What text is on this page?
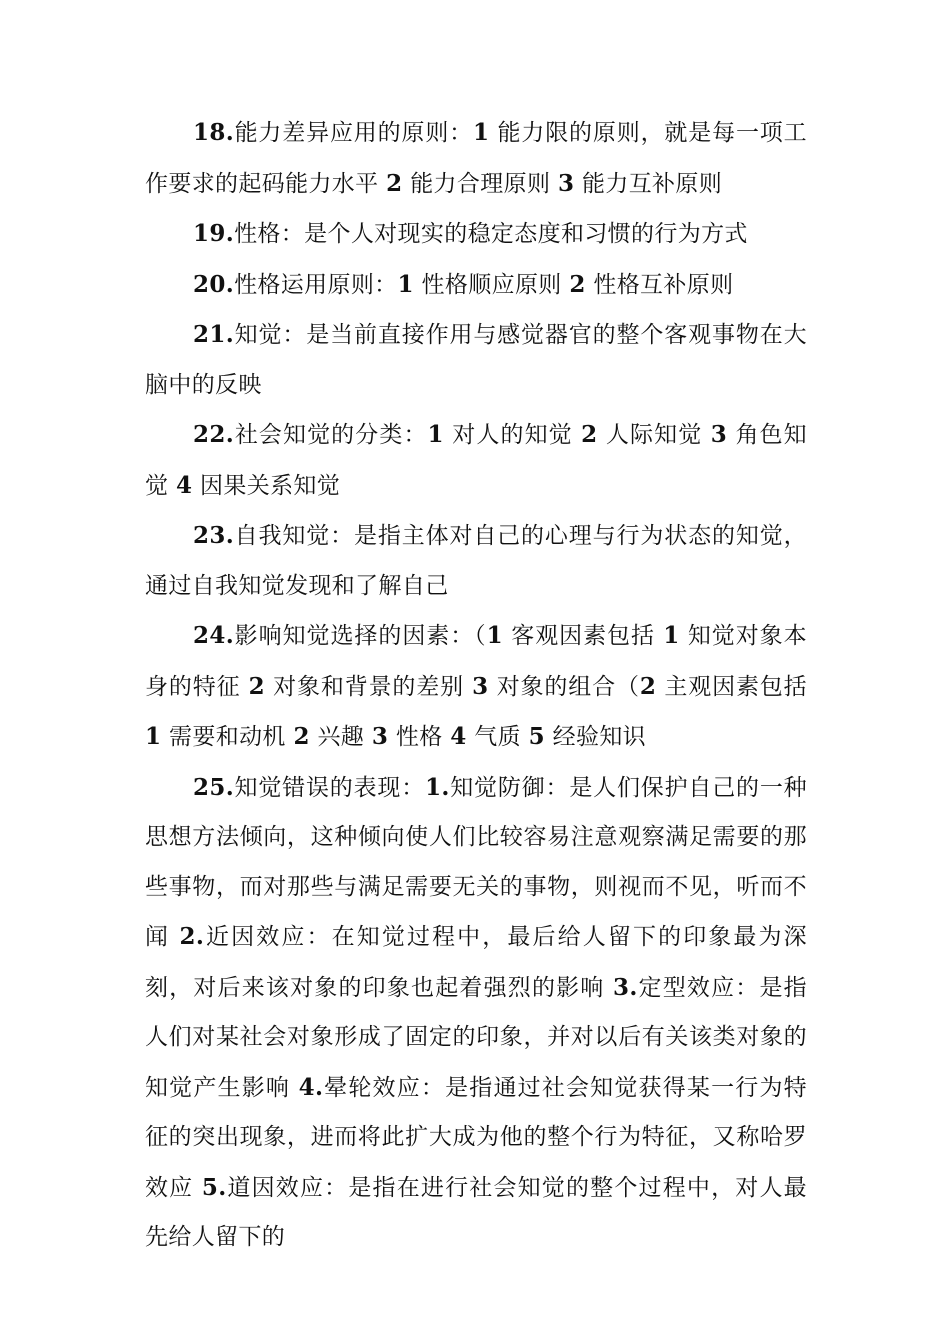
18.能力差异应用的原则：1 能力限的原则，就是每一项工作要求的起码能力水平 2 能力合理原则 3 能力互补原则

19.性格：是个人对现实的稳定态度和习惯的行为方式

20.性格运用原则：1 性格顺应原则 2 性格互补原则

21.知觉：是当前直接作用与感觉器官的整个客观事物在大脑中的反映

22.社会知觉的分类：1 对人的知觉 2 人际知觉 3 角色知觉 4 因果关系知觉

23.自我知觉：是指主体对自己的心理与行为状态的知觉，通过自我知觉发现和了解自己

24.影响知觉选择的因素：（1 客观因素包括 1 知觉对象本身的特征 2 对象和背景的差别 3 对象的组合（2 主观因素包括 1 需要和动机 2 兴趣 3 性格 4 气质 5 经验知识

25.知觉错误的表现：1.知觉防御：是人们保护自己的一种思想方法倾向，这种倾向使人们比较容易注意观察满足需要的那些事物，而对那些与满足需要无关的事物，则视而不见，听而不闻 2.近因效应：在知觉过程中，最后给人留下的印象最为深刻，对后来该对象的印象也起着强烈的影响 3.定型效应：是指人们对某社会对象形成了固定的印象，并对以后有关该类对象的知觉产生影响 4.晕轮效应：是指通过社会知觉获得某一行为特征的突出现象，进而将此扩大成为他的整个行为特征，又称哈罗效应 5.道因效应：是指在进行社会知觉的整个过程中，对人最先给人留下的
